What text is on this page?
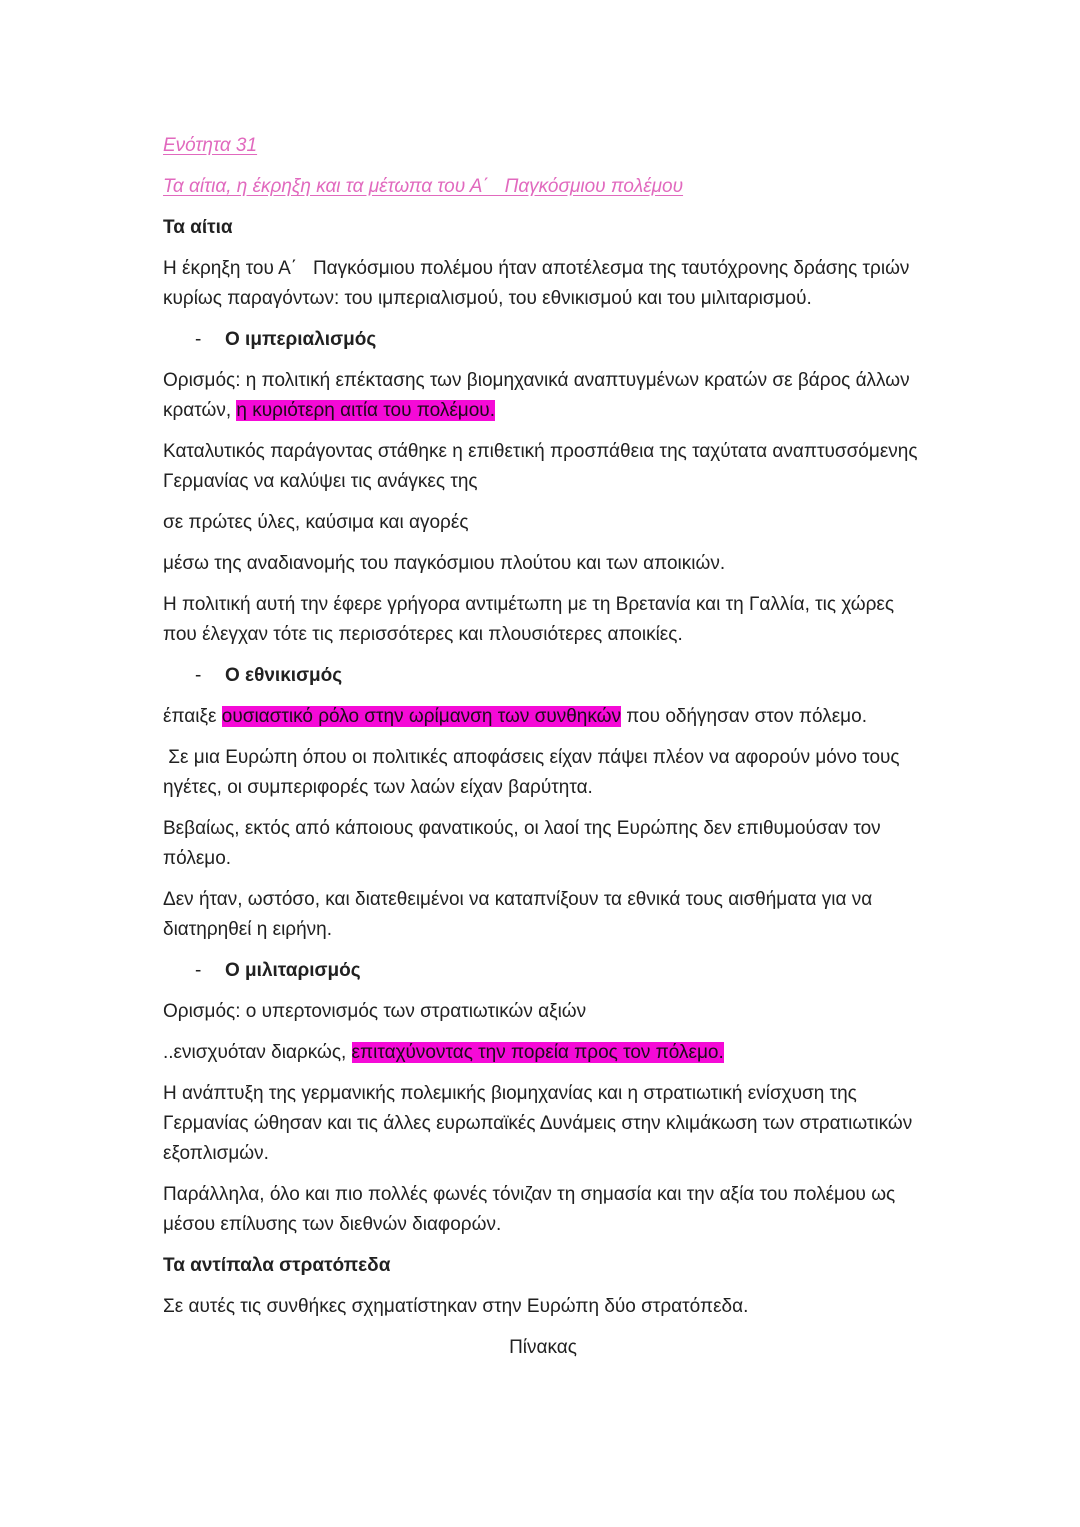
Ενότητα 31

Τα αίτια, η έκρηξη και τα μέτωπα του Α΄   Παγκόσμιου πολέμου

Τα αίτια

Η έκρηξη του Α΄   Παγκόσμιου πολέμου ήταν αποτέλεσμα της ταυτόχρονης δράσης τριών κυρίως παραγόντων: του ιμπεριαλισμού, του εθνικισμού και του μιλιταρισμού.

-	Ο ιμπεριαλισμός

Ορισμός: η πολιτική επέκτασης των βιομηχανικά αναπτυγμένων κρατών σε βάρος άλλων κρατών, η κυριότερη αιτία του πολέμου.

Καταλυτικός παράγοντας στάθηκε η επιθετική προσπάθεια της ταχύτατα αναπτυσσόμενης Γερμανίας να καλύψει τις ανάγκες της

σε πρώτες ύλες, καύσιμα και αγορές

μέσω της αναδιανομής του παγκόσμιου πλούτου και των αποικιών.

Η πολιτική αυτή την έφερε γρήγορα αντιμέτωπη με τη Βρετανία και τη Γαλλία, τις χώρες που έλεγχαν τότε τις περισσότερες και πλουσιότερες αποικίες.

-	Ο εθνικισμός

έπαιξε ουσιαστικό ρόλο στην ωρίμανση των συνθηκών που οδήγησαν στον πόλεμο.

Σε μια Ευρώπη όπου οι πολιτικές αποφάσεις είχαν πάψει πλέον να αφορούν μόνο τους ηγέτες, οι συμπεριφορές των λαών είχαν βαρύτητα.

Βεβαίως, εκτός από κάποιους φανατικούς, οι λαοί της Ευρώπης δεν επιθυμούσαν τον πόλεμο.

Δεν ήταν, ωστόσο, και διατεθειμένοι να καταπνίξουν τα εθνικά τους αισθήματα για να διατηρηθεί η ειρήνη.

-	Ο μιλιταρισμός

Ορισμός: ο υπερτονισμός των στρατιωτικών αξιών

..ενισχυόταν διαρκώς, επιταχύνοντας την πορεία προς τον πόλεμο.

Η ανάπτυξη της γερμανικής πολεμικής βιομηχανίας και η στρατιωτική ενίσχυση της Γερμανίας ώθησαν και τις άλλες ευρωπαϊκές Δυνάμεις στην κλιμάκωση των στρατιωτικών εξοπλισμών.

Παράλληλα, όλο και πιο πολλές φωνές τόνιζαν τη σημασία και την αξία του πολέμου ως μέσου επίλυσης των διεθνών διαφορών.

Τα αντίπαλα στρατόπεδα

Σε αυτές τις συνθήκες σχηματίστηκαν στην Ευρώπη δύο στρατόπεδα.

Πίνακας
